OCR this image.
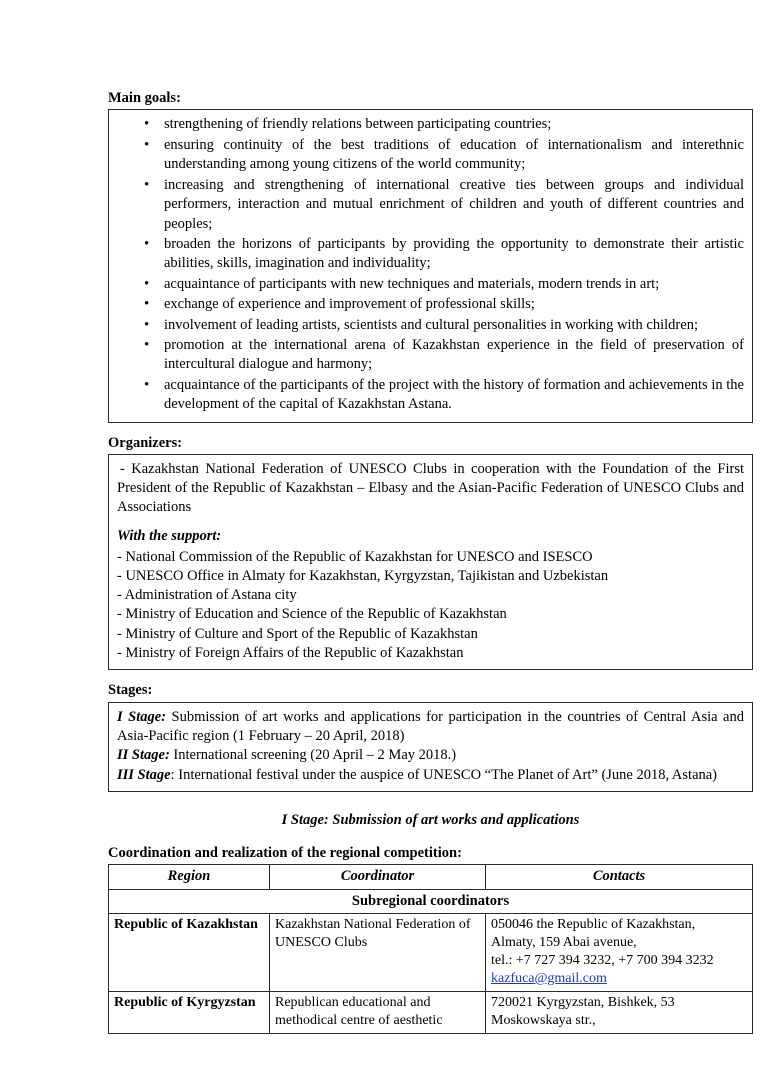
Main goals:
• strengthening of friendly relations between participating countries;
• ensuring continuity of the best traditions of education of internationalism and interethnic understanding among young citizens of the world community;
• increasing and strengthening of international creative ties between groups and individual performers, interaction and mutual enrichment of children and youth of different countries and peoples;
• broaden the horizons of participants by providing the opportunity to demonstrate their artistic abilities, skills, imagination and individuality;
• acquaintance of participants with new techniques and materials, modern trends in art;
• exchange of experience and improvement of professional skills;
• involvement of leading artists, scientists and cultural personalities in working with children;
• promotion at the international arena of Kazakhstan experience in the field of preservation of intercultural dialogue and harmony;
• acquaintance of the participants of the project with the history of formation and achievements in the development of the capital of Kazakhstan Astana.
Organizers:

- Kazakhstan National Federation of UNESCO Clubs in cooperation with the Foundation of the First President of the Republic of Kazakhstan – Elbasy and the Asian-Pacific Federation of UNESCO Clubs and Associations

With the support:

- National Commission of the Republic of Kazakhstan for UNESCO and ISESCO

- UNESCO Office in Almaty for Kazakhstan, Kyrgyzstan, Tajikistan and Uzbekistan

- Administration of Astana city

- Ministry of Education and Science of the Republic of Kazakhstan

- Ministry of Culture and Sport of the Republic of Kazakhstan

- Ministry of Foreign Affairs of the Republic of Kazakhstan

Stages:

I Stage: Submission of art works and applications for participation in the countries of Central Asia and Asia-Pacific region (1 February – 20 April, 2018)

II Stage: International screening (20 April – 2 May 2018.)

III Stage: International festival under the auspice of UNESCO “The Planet of Art” (June 2018, Astana)

I Stage: Submission of art works and applications

Coordination and realization of the regional competition:
Region	Coordinator	Contacts
Subregional coordinators		
Republic of Kazakhstan	Kazakhstan National Federation of UNESCO Clubs	050046 the Republic of Kazakhstan,
Almaty, 159 Abai avenue,
tel.: +7 727 394 3232, +7 700 394 3232
kazfuca@gmail.com
Republic of Kyrgyzstan	Republican educational and methodical centre of aesthetic	720021 Kyrgyzstan, Bishkek, 53
Moskowskaya str.,
